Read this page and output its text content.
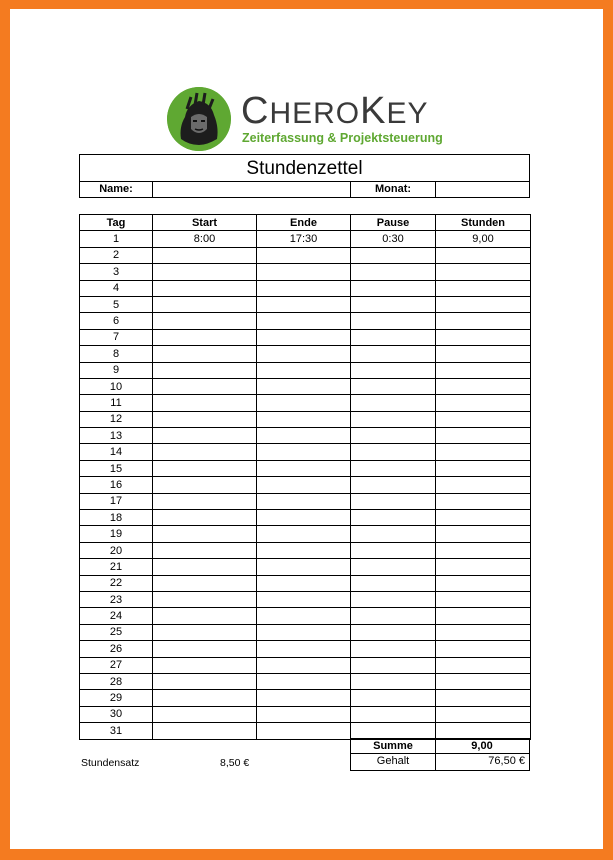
CHEROKEY
Zeiterfassung & Projektsteuerung
Stundenzettel
Name:	Monat:
Tag	Start	Ende	Pause	Stunden
1	8:00	17:30	0:30	9,00
2				
3				
4				
5				
6				
7				
8				
9				
10				
11				
12				
13				
14				
15				
16				
17				
18				
19				
20				
21				
22				
23				
24				
25				
26				
27				
28				
29				
30				
31				
Summe	9,00
Gehalt	76,50 €
Stundensatz	8,50 €
